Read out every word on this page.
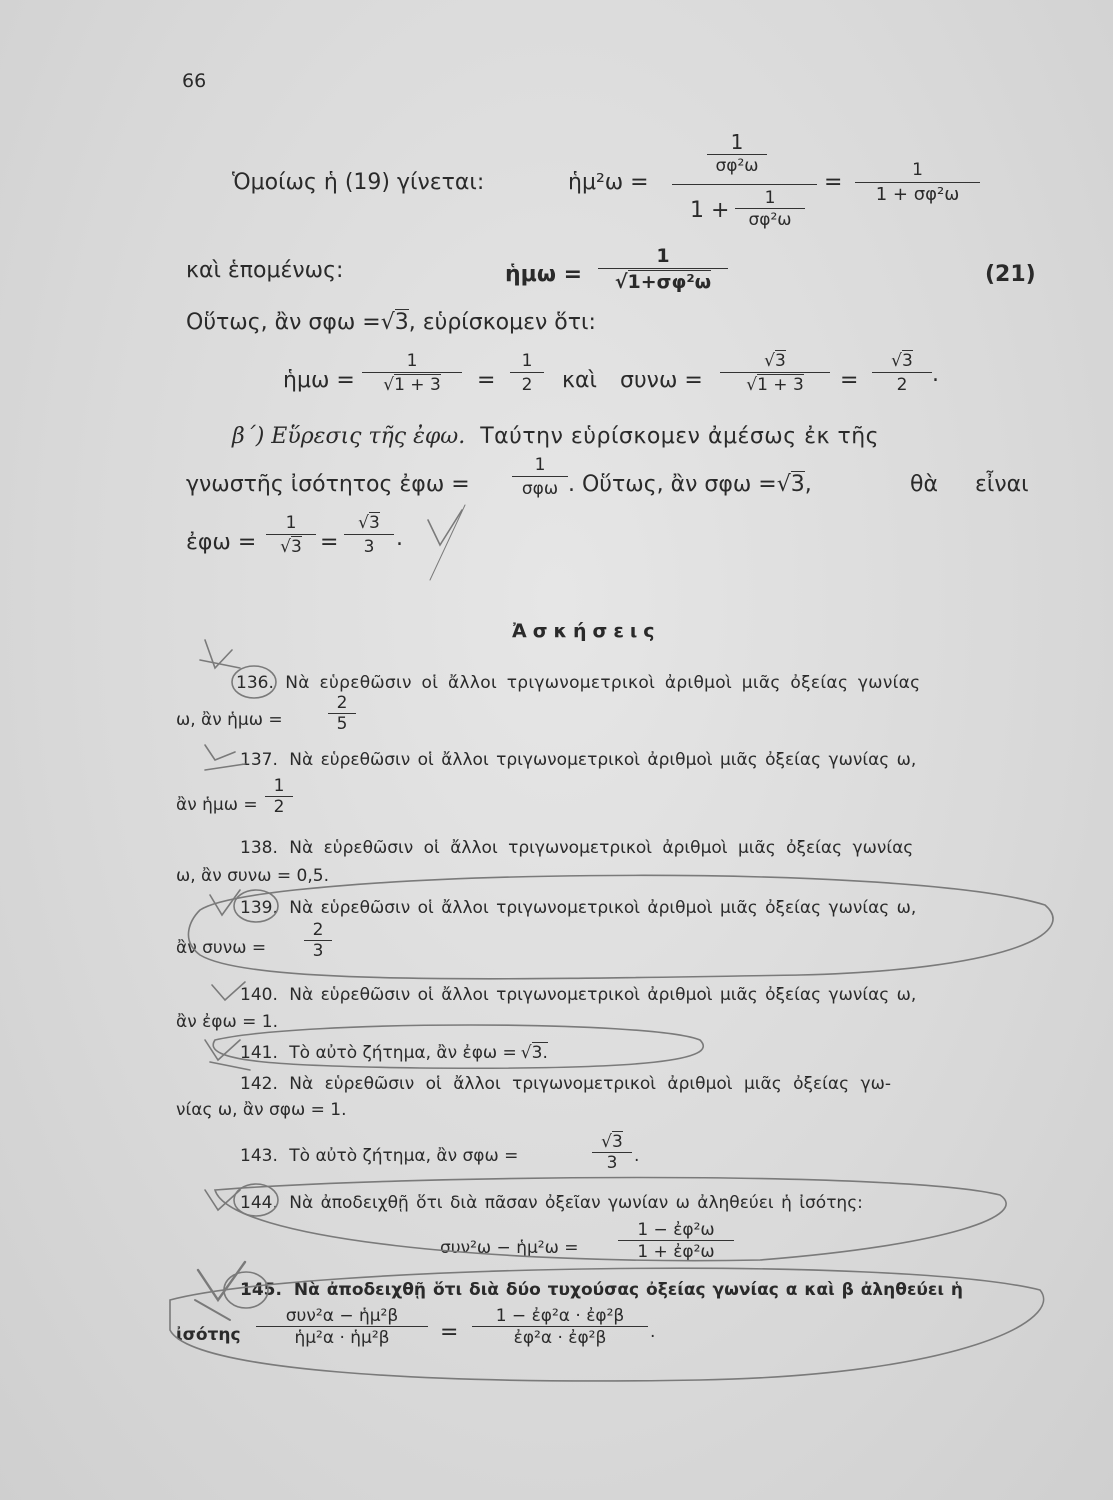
66
Ὁμοίως ἡ (19) γίνεται:	ἡμ²ω =
1
σφ²ω
1 +	1
σφ²ω
=	1
1 + σφ²ω
καὶ ἑπομένως:	ἡμω =
1
√1+σφ²ω	(21)
Οὕτως, ἂν σφω =√3, εὑρίσκομεν ὅτι:
ἡμω =
1
√1 + 3	=
1
2	καὶ συνω =
√3
√1 + 3	=
√3
2	.
β΄) Εὕρεσις τῆς ἐφω. Ταύτην εὑρίσκομεν ἀμέσως ἐκ τῆς
γνωστῆς ἰσότητος ἐφω =
1
σφω . Οὕτως, ἂν σφω =√3,	θὰ εἶναι
ἐφω =
1
√3 =
√3
3 .
Ἀσκήσεις
136. Νὰ εὑρεθῶσιν οἱ ἄλλοι τριγωνομετρικοὶ ἀριθμοὶ μιᾶς ὀξείας γωνίας
ω, ἂν ἡμω =
2
5
137. Νὰ εὑρεθῶσιν οἱ ἄλλοι τριγωνομετρικοὶ ἀριθμοὶ μιᾶς ὀξείας γωνίας ω,
ἂν ἡμω =
1
2
138. Νὰ εὑρεθῶσιν οἱ ἄλλοι τριγωνομετρικοὶ ἀριθμοὶ μιᾶς ὀξείας γωνίας
ω, ἂν συνω = 0,5.
139. Νὰ εὑρεθῶσιν οἱ ἄλλοι τριγωνομετρικοὶ ἀριθμοὶ μιᾶς ὀξείας γωνίας ω,
ἂν συνω =
2
3
140. Νὰ εὑρεθῶσιν οἱ ἄλλοι τριγωνομετρικοὶ ἀριθμοὶ μιᾶς ὀξείας γωνίας ω,
ἂν ἐφω = 1.
141. Τὸ αὐτὸ ζήτημα, ἂν ἐφω = √3.
142. Νὰ εὑρεθῶσιν οἱ ἄλλοι τριγωνομετρικοὶ ἀριθμοὶ μιᾶς ὀξείας γω-
νίας ω, ἂν σφω = 1.
143. Τὸ αὐτὸ ζήτημα, ἂν σφω =
√3
3 .
144. Νὰ ἀποδειχθῇ ὅτι διὰ πᾶσαν ὀξεῖαν γωνίαν ω ἀληθεύει ἡ ἰσότης:
συν²ω − ἡμ²ω =
1 − ἐφ²ω
1 + ἐφ²ω
145. Νὰ ἀποδειχθῇ ὅτι διὰ δύο τυχούσας ὀξείας γωνίας α καὶ β ἀληθεύει ἡ
ἰσότης
συν²α − ἡμ²β
ἡμ²α · ἡμ²β	=
1 − ἐφ²α · ἐφ²β
ἐφ²α · ἐφ²β	.
